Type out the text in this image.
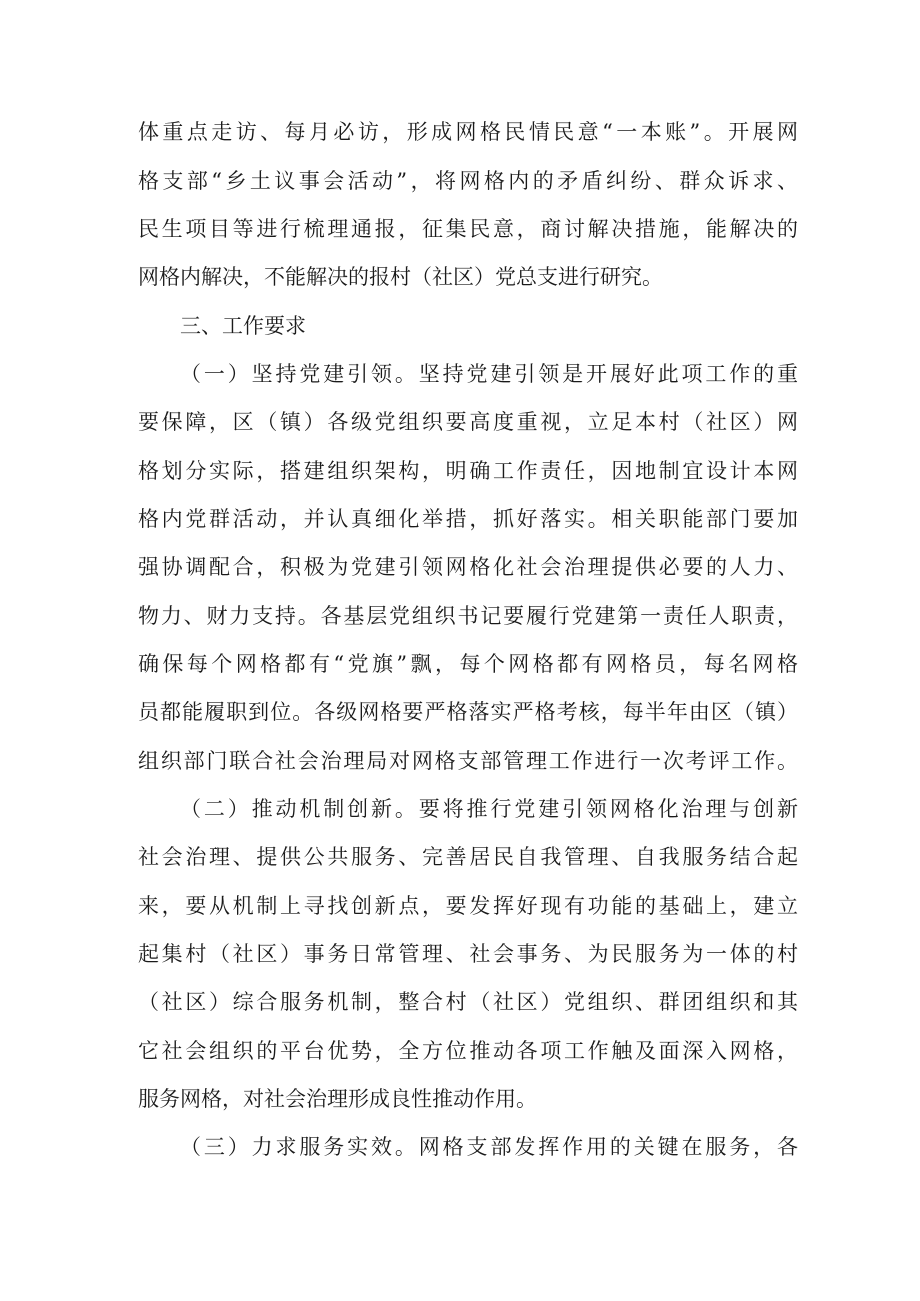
体重点走访、每月必访，形成网格民情民意“一本账”。开展网
格支部“乡土议事会活动”，将网格内的矛盾纠纷、群众诉求、
民生项目等进行梳理通报，征集民意，商讨解决措施，能解决的
网格内解决，不能解决的报村（社区）党总支进行研究。
三、工作要求
（一）坚持党建引领。坚持党建引领是开展好此项工作的重
要保障，区（镇）各级党组织要高度重视，立足本村（社区）网
格划分实际，搭建组织架构，明确工作责任，因地制宜设计本网
格内党群活动，并认真细化举措，抓好落实。相关职能部门要加
强协调配合，积极为党建引领网格化社会治理提供必要的人力、
物力、财力支持。各基层党组织书记要履行党建第一责任人职责，
确保每个网格都有“党旗”飘，每个网格都有网格员，每名网格
员都能履职到位。各级网格要严格落实严格考核，每半年由区（镇）
组织部门联合社会治理局对网格支部管理工作进行一次考评工作。
（二）推动机制创新。要将推行党建引领网格化治理与创新
社会治理、提供公共服务、完善居民自我管理、自我服务结合起
来，要从机制上寻找创新点，要发挥好现有功能的基础上，建立
起集村（社区）事务日常管理、社会事务、为民服务为一体的村
（社区）综合服务机制，整合村（社区）党组织、群团组织和其
它社会组织的平台优势，全方位推动各项工作触及面深入网格，
服务网格，对社会治理形成良性推动作用。
（三）力求服务实效。网格支部发挥作用的关键在服务，各
